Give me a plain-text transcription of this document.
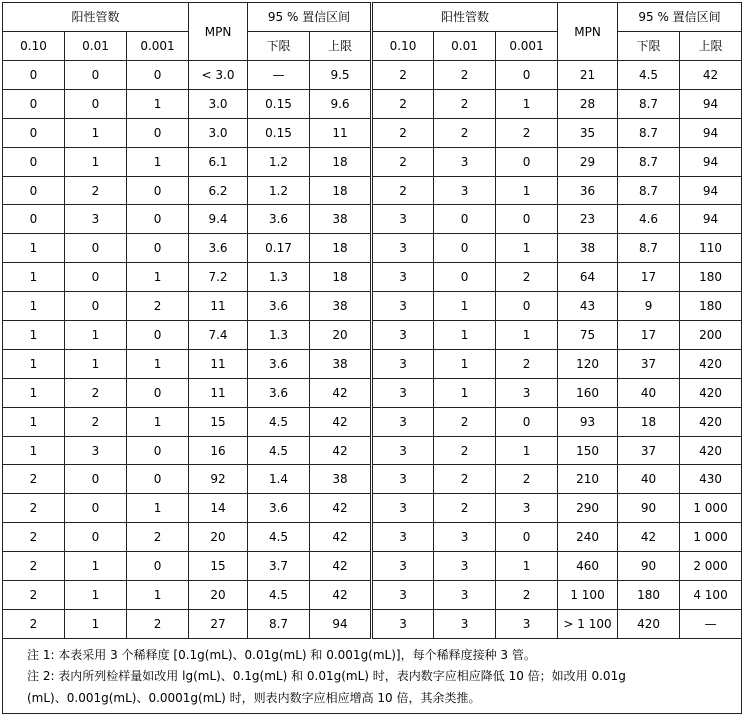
阳性管数			MPN	95 % 置信区间		阳性管数			MPN	95 % 置信区间	
0.10	0.01	0.001		下限	上限	0.10	0.01	0.001		下限	上限
0	0	0	< 3.0	—	9.5	2	2	0	21	4.5	42
0	0	1	3.0	0.15	9.6	2	2	1	28	8.7	94
0	1	0	3.0	0.15	11	2	2	2	35	8.7	94
0	1	1	6.1	1.2	18	2	3	0	29	8.7	94
0	2	0	6.2	1.2	18	2	3	1	36	8.7	94
0	3	0	9.4	3.6	38	3	0	0	23	4.6	94
1	0	0	3.6	0.17	18	3	0	1	38	8.7	110
1	0	1	7.2	1.3	18	3	0	2	64	17	180
1	0	2	11	3.6	38	3	1	0	43	9	180
1	1	0	7.4	1.3	20	3	1	1	75	17	200
1	1	1	11	3.6	38	3	1	2	120	37	420
1	2	0	11	3.6	42	3	1	3	160	40	420
1	2	1	15	4.5	42	3	2	0	93	18	420
1	3	0	16	4.5	42	3	2	1	150	37	420
2	0	0	92	1.4	38	3	2	2	210	40	430
2	0	1	14	3.6	42	3	2	3	290	90	1 000
2	0	2	20	4.5	42	3	3	0	240	42	1 000
2	1	0	15	3.7	42	3	3	1	460	90	2 000
2	1	1	20	4.5	42	3	3	2	1 100	180	4 100
2	1	2	27	8.7	94	3	3	3	> 1 100	420	—

注 1: 本表采用 3 个稀释度 [0.1g(mL)、0.01g(mL) 和 0.001g(mL)]，每个稀释度接种 3 管。
注 2: 表内所列检样量如改用 lg(mL)、0.1g(mL) 和 0.01g(mL) 时，表内数字应相应降低 10 倍；如改用 0.01g
(mL)、0.001g(mL)、0.0001g(mL) 时，则表内数字应相应增高 10 倍，其余类推。											
